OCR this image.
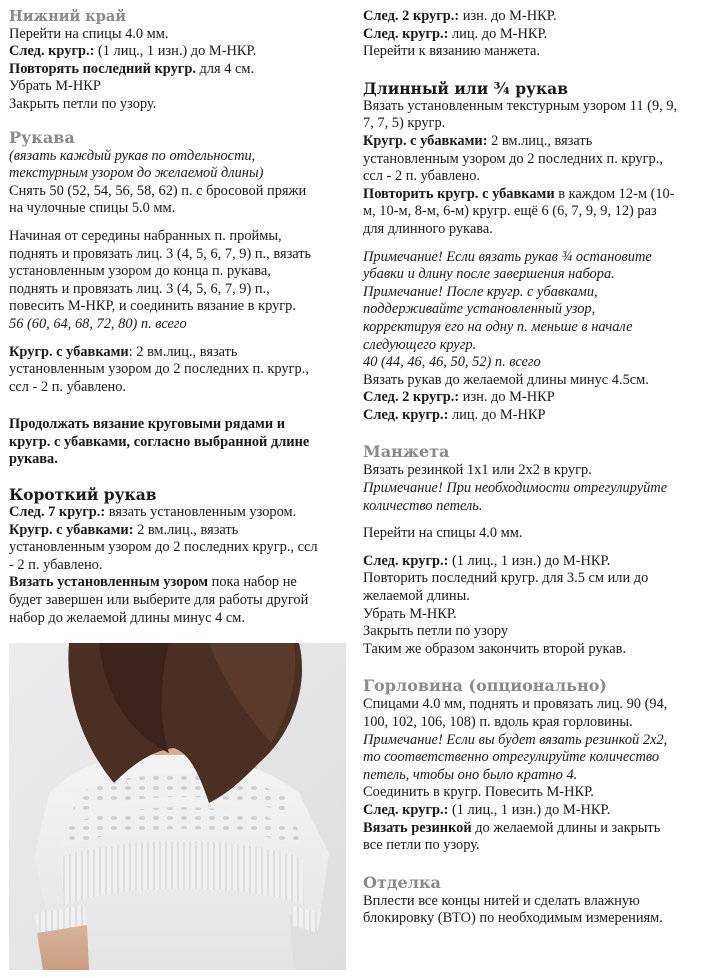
Нижний край

Перейти на спицы 4.0 мм.

След. кругр.: (1 лиц., 1 изн.) до М-НКР.

Повторять последний кругр. для 4 см.

Убрать М-НКР

Закрыть петли по узору.

Рукава

(вязать каждый рукав по отдельности,

текстурным узором до желаемой длины)

Снять 50 (52, 54, 56, 58, 62) п. с бросовой пряжи

на чулочные спицы 5.0 мм.

Начиная от середины набранных п. проймы,

поднять и провязать лиц. 3 (4, 5, 6, 7, 9) п., вязать

установленным узором до конца п. рукава,

поднять и провязать лиц. 3 (4, 5, 6, 7, 9) п.,

повесить М-НКР, и соединить вязание в кругр.

56 (60, 64, 68, 72, 80) п. всего

Кругр. с убавками: 2 вм.лиц., вязать

установленным узором до 2 последних п. кругр.,

ссл - 2 п. убавлено.

Продолжать вязание круговыми рядами и

кругр. с убавками, согласно выбранной длине

рукава.

Короткий рукав

След. 7 кругр.: вязать установленным узором.

Кругр. с убавками: 2 вм.лиц., вязать

установленным узором до 2 последних кругр., ссл

- 2 п. убавлено.

Вязать установленным узором пока набор не

будет завершен или выберите для работы другой

набор до желаемой длины минус 4 см.

След. 2 кругр.: изн. до М-НКР.

След. кругр.: лиц. до М-НКР.

Перейти к вязанию манжета.

Длинный или ¾ рукав

Вязать установленным текстурным узором 11 (9, 9,

7, 7, 5) кругр.

Кругр. с убавками: 2 вм.лиц., вязать

установленным узором до 2 последних п. кругр.,

ссл - 2 п. убавлено.

Повторить кругр. с убавками в каждом 12-м (10-

м, 10-м, 8-м, 6-м) кругр. ещё 6 (6, 7, 9, 9, 12) раз

для длинного рукава.

Примечание! Если вязать рукав ¾ остановите

убавки и длину после завершения набора.

Примечание! После кругр. с убавками,

поддерживайте установленный узор,

корректируя его на одну п. меньше в начале

следующего кругр.

40 (44, 46, 46, 50, 52) п. всего

Вязать рукав до желаемой длины минус 4.5см.

След. 2 кругр.: изн. до М-НКР

След. кругр.: лиц. до М-НКР

Манжета

Вязать резинкой 1x1 или 2x2 в кругр.

Примечание! При необходимости отрегулируйте

количество петель.

Перейти на спицы 4.0 мм.

След. кругр.: (1 лиц., 1 изн.) до М-НКР.

Повторить последний кругр. для 3.5 см или до

желаемой длины.

Убрать М-НКР.

Закрыть петли по узору

Таким же образом закончить второй рукав.

Горловина (опционально)

Спицами 4.0 мм, поднять и провязать лиц. 90 (94,

100, 102, 106, 108) п. вдоль края горловины.

Примечание! Если вы будет вязать резинкой 2x2,

то соответственно отрегулируйте количество

петель, чтобы оно было кратно 4.

Соединить в кругр. Повесить М-НКР.

След. кругр.: (1 лиц., 1 изн.) до М-НКР.

Вязать резинкой до желаемой длины и закрыть

все петли по узору.

Отделка

Вплести все концы нитей и сделать влажную

блокировку (ВТО) по необходимым измерениям.
